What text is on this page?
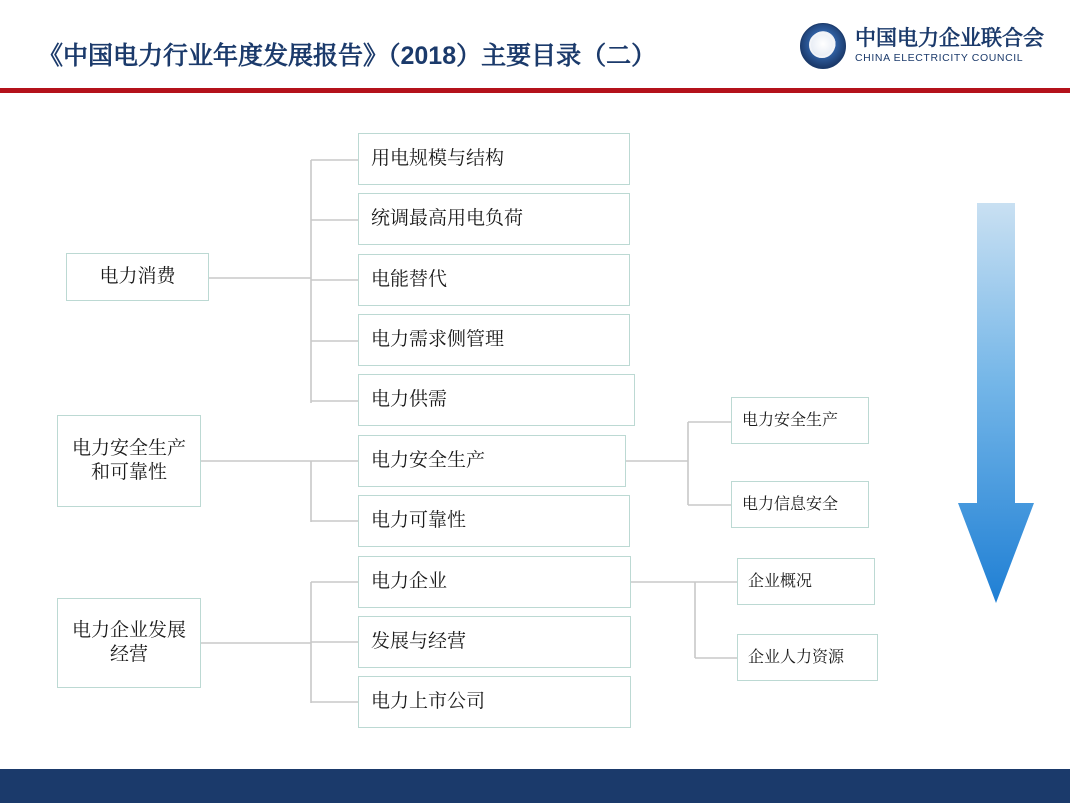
《中国电力行业年度发展报告》（2018）主要目录（二）
中国电力企业联合会
CHINA ELECTRICITY COUNCIL
电力消费
电力安全生产和可靠性
电力企业发展经营
用电规模与结构
统调最高用电负荷
电能替代
电力需求侧管理
电力供需
电力安全生产
电力可靠性
电力企业
发展与经营
电力上市公司
电力安全生产
电力信息安全
企业概况
企业人力资源
